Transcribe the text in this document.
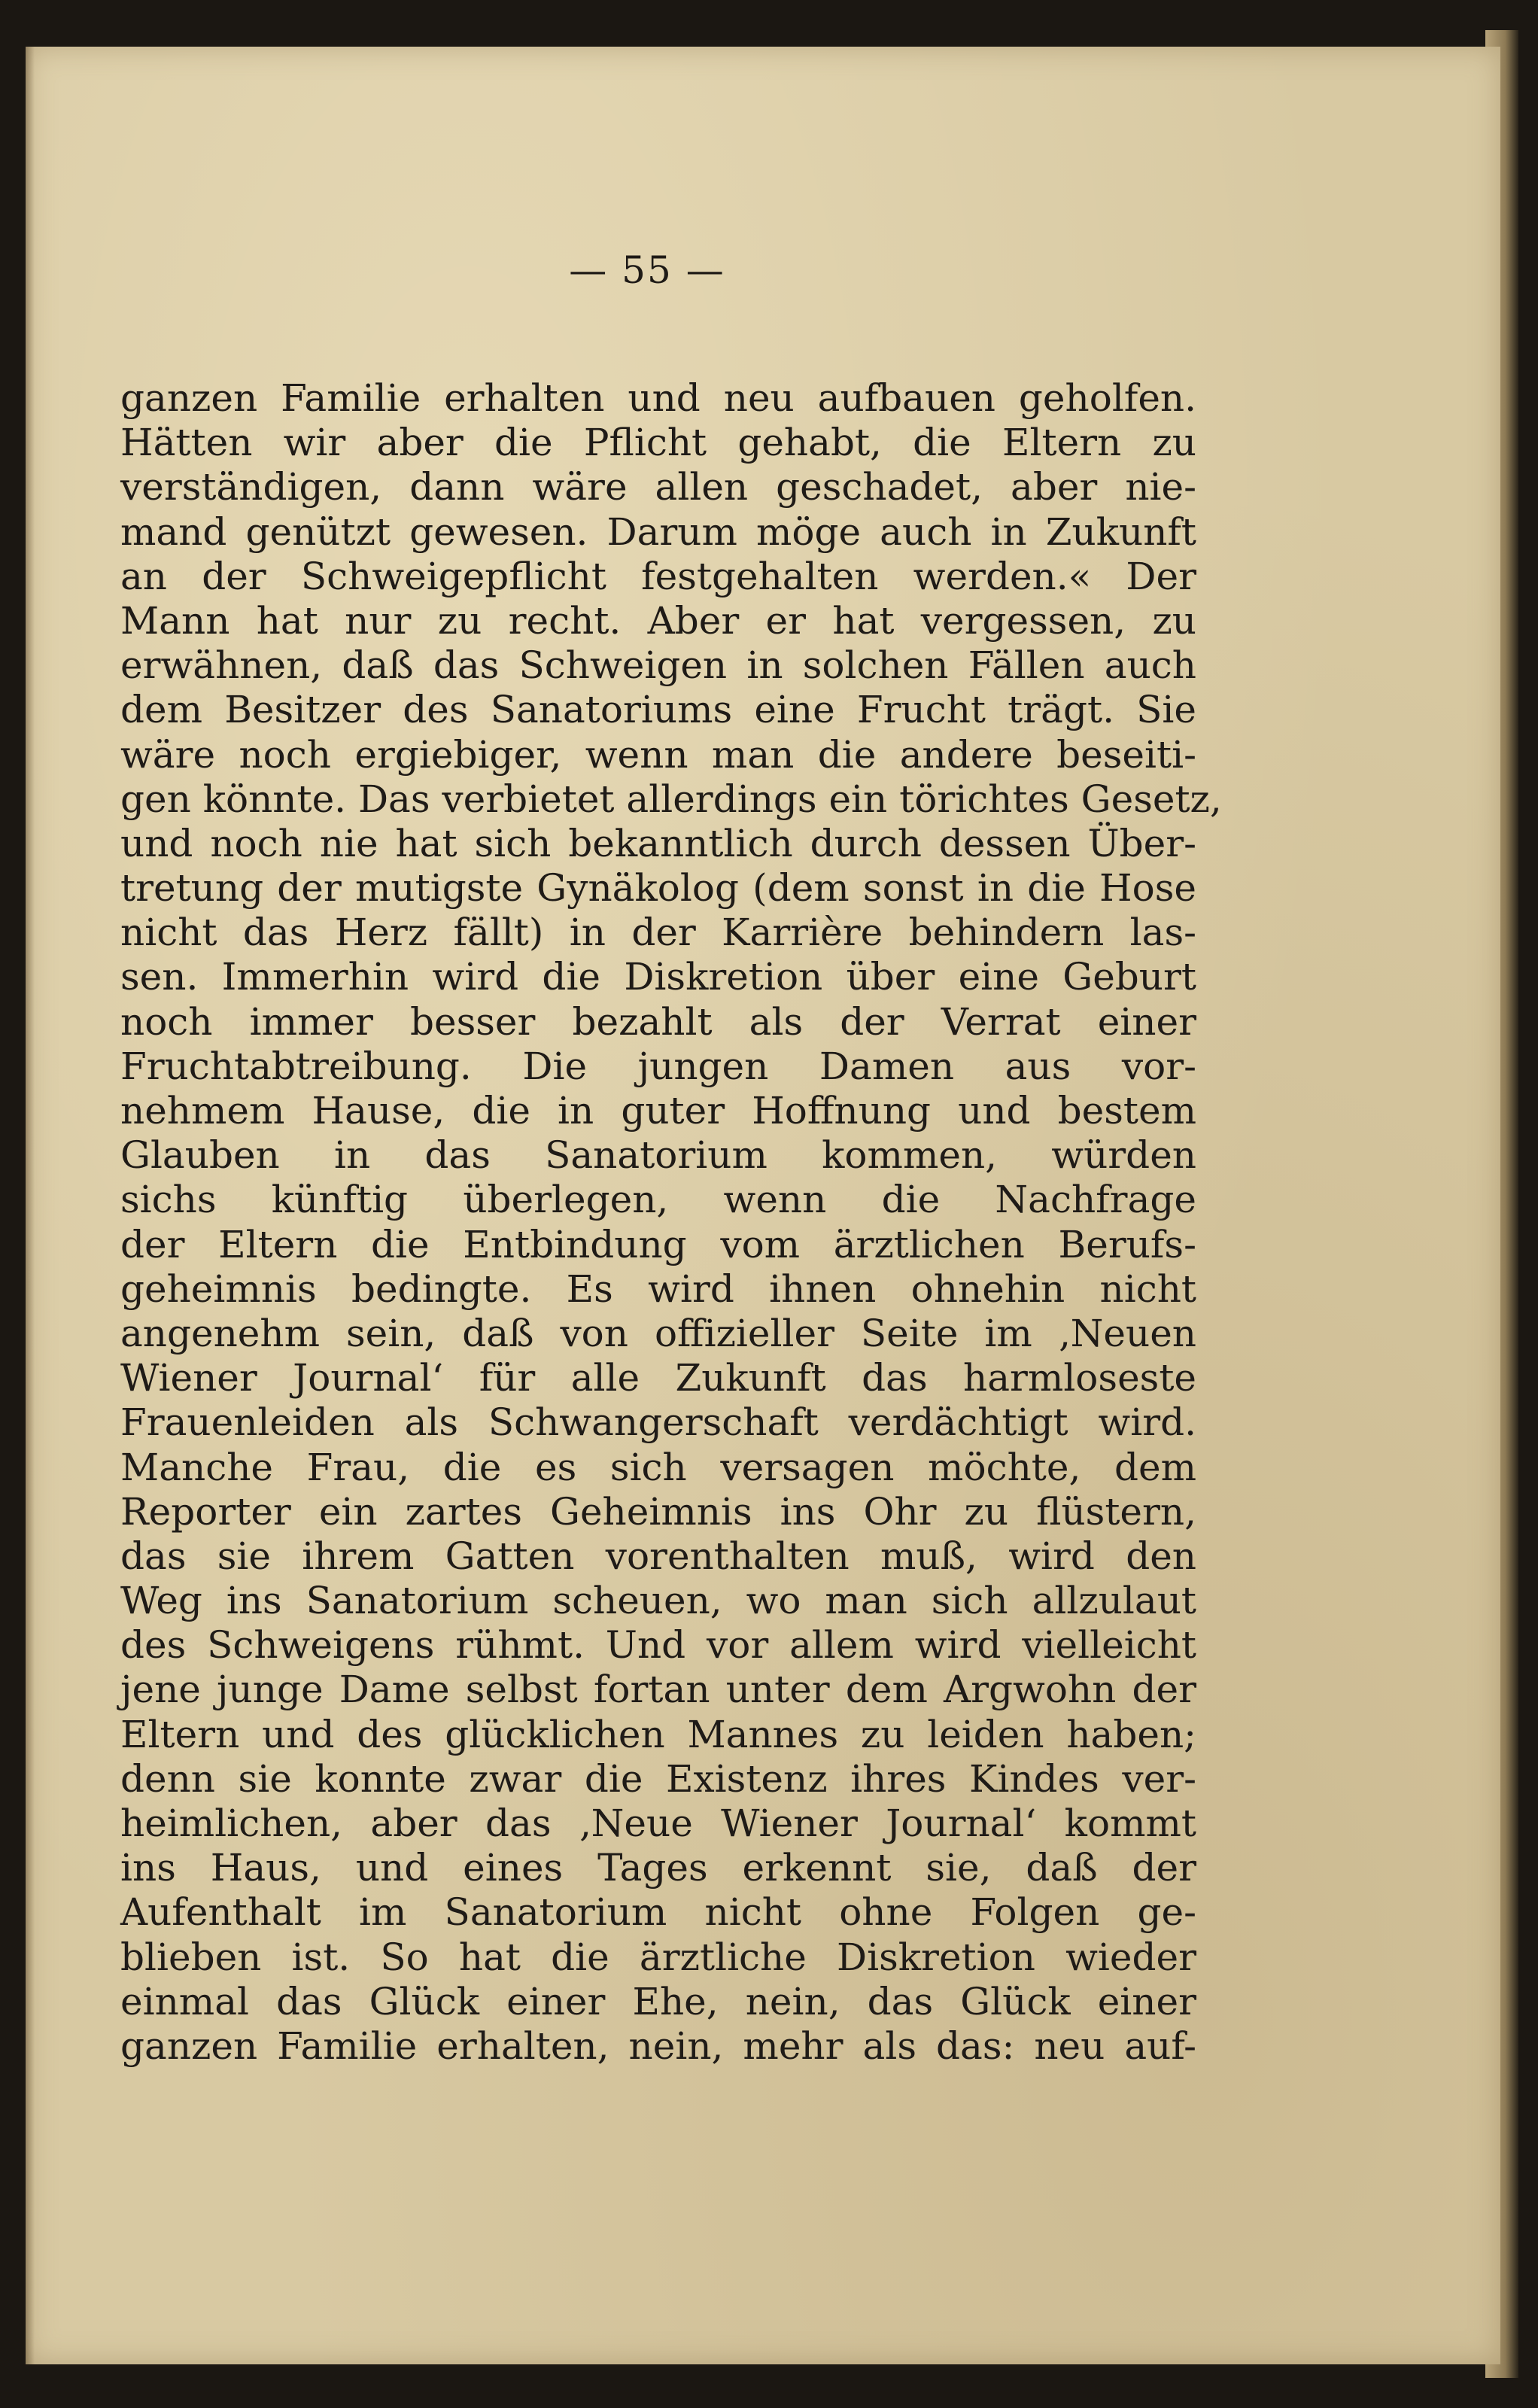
— 55 —
ganzen Familie erhalten und neu aufbauen geholfen.
Hätten wir aber die Pflicht gehabt, die Eltern zu
verständigen, dann wäre allen geschadet, aber nie-
mand genützt gewesen. Darum möge auch in Zukunft
an der Schweigepflicht festgehalten werden.« Der
Mann hat nur zu recht. Aber er hat vergessen, zu
erwähnen, daß das Schweigen in solchen Fällen auch
dem Besitzer des Sanatoriums eine Frucht trägt. Sie
wäre noch ergiebiger, wenn man die andere beseiti-
gen könnte. Das verbietet allerdings ein törichtes Gesetz,
und noch nie hat sich bekanntlich durch dessen Über-
tretung der mutigste Gynäkolog (dem sonst in die Hose
nicht das Herz fällt) in der Karrière behindern las-
sen. Immerhin wird die Diskretion über eine Geburt
noch immer besser bezahlt als der Verrat einer
Fruchtabtreibung. Die jungen Damen aus vor-
nehmem Hause, die in guter Hoffnung und bestem
Glauben in das Sanatorium kommen, würden
sichs künftig überlegen, wenn die Nachfrage
der Eltern die Entbindung vom ärztlichen Berufs-
geheimnis bedingte. Es wird ihnen ohnehin nicht
angenehm sein, daß von offizieller Seite im ‚Neuen
Wiener Journal‘ für alle Zukunft das harmloseste
Frauenleiden als Schwangerschaft verdächtigt wird.
Manche Frau, die es sich versagen möchte, dem
Reporter ein zartes Geheimnis ins Ohr zu flüstern,
das sie ihrem Gatten vorenthalten muß, wird den
Weg ins Sanatorium scheuen, wo man sich allzulaut
des Schweigens rühmt. Und vor allem wird vielleicht
jene junge Dame selbst fortan unter dem Argwohn der
Eltern und des glücklichen Mannes zu leiden haben;
denn sie konnte zwar die Existenz ihres Kindes ver-
heimlichen, aber das ‚Neue Wiener Journal‘ kommt
ins Haus, und eines Tages erkennt sie, daß der
Aufenthalt im Sanatorium nicht ohne Folgen ge-
blieben ist. So hat die ärztliche Diskretion wieder
einmal das Glück einer Ehe, nein, das Glück einer
ganzen Familie erhalten, nein, mehr als das: neu auf-
